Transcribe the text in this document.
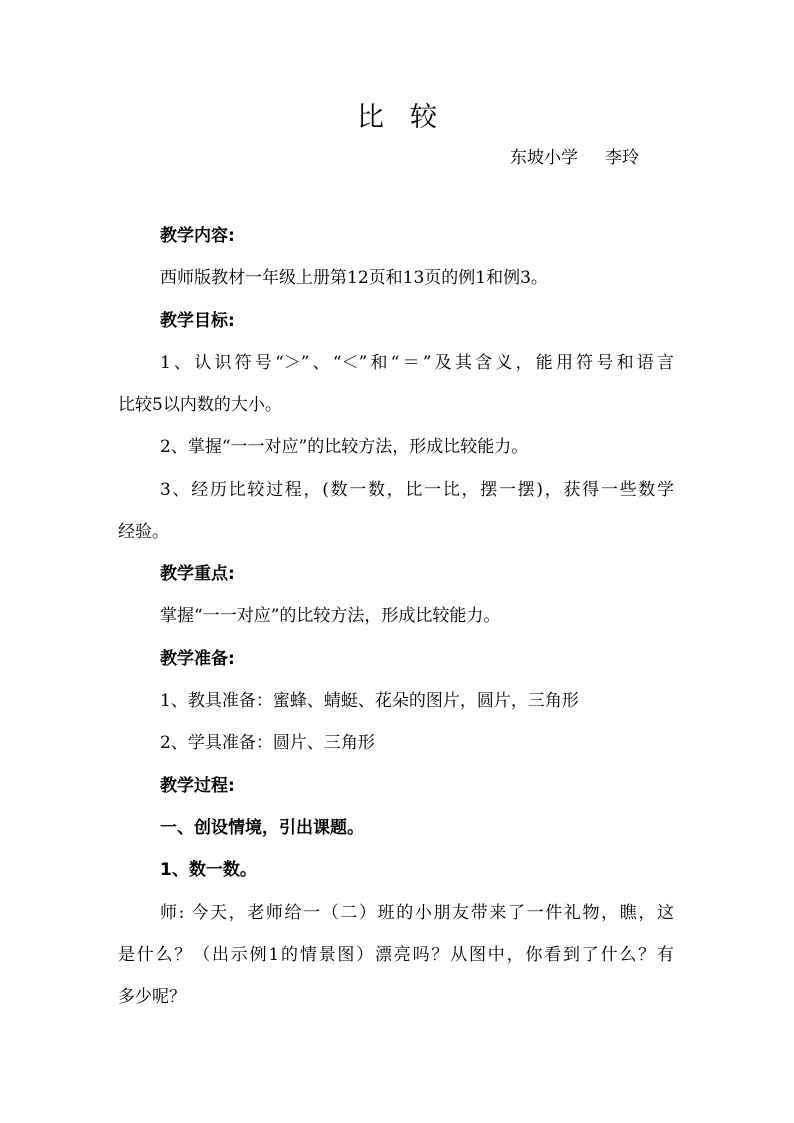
比较
东坡小学     李玲
教学内容:
西师版教材一年级上册第12页和13页的例1和例3。
教学目标:
1、认识符号“＞”、“＜”和“＝”及其含义，能用符号和语言
比较5以内数的大小。
2、掌握“一一对应”的比较方法，形成比较能力。
3、经历比较过程，(数一数，比一比，摆一摆)，获得一些数学
经验。
教学重点:
掌握“一一对应”的比较方法，形成比较能力。
教学准备:
1、教具准备：蜜蜂、蜻蜓、花朵的图片，圆片，三角形
2、学具准备：圆片、三角形
教学过程:
一、创设情境，引出课题。
1、数一数。
师: 今天，老师给一（二）班的小朋友带来了一件礼物，瞧，这
是什么？（出示例1的情景图）漂亮吗？从图中，你看到了什么？有
多少呢？
